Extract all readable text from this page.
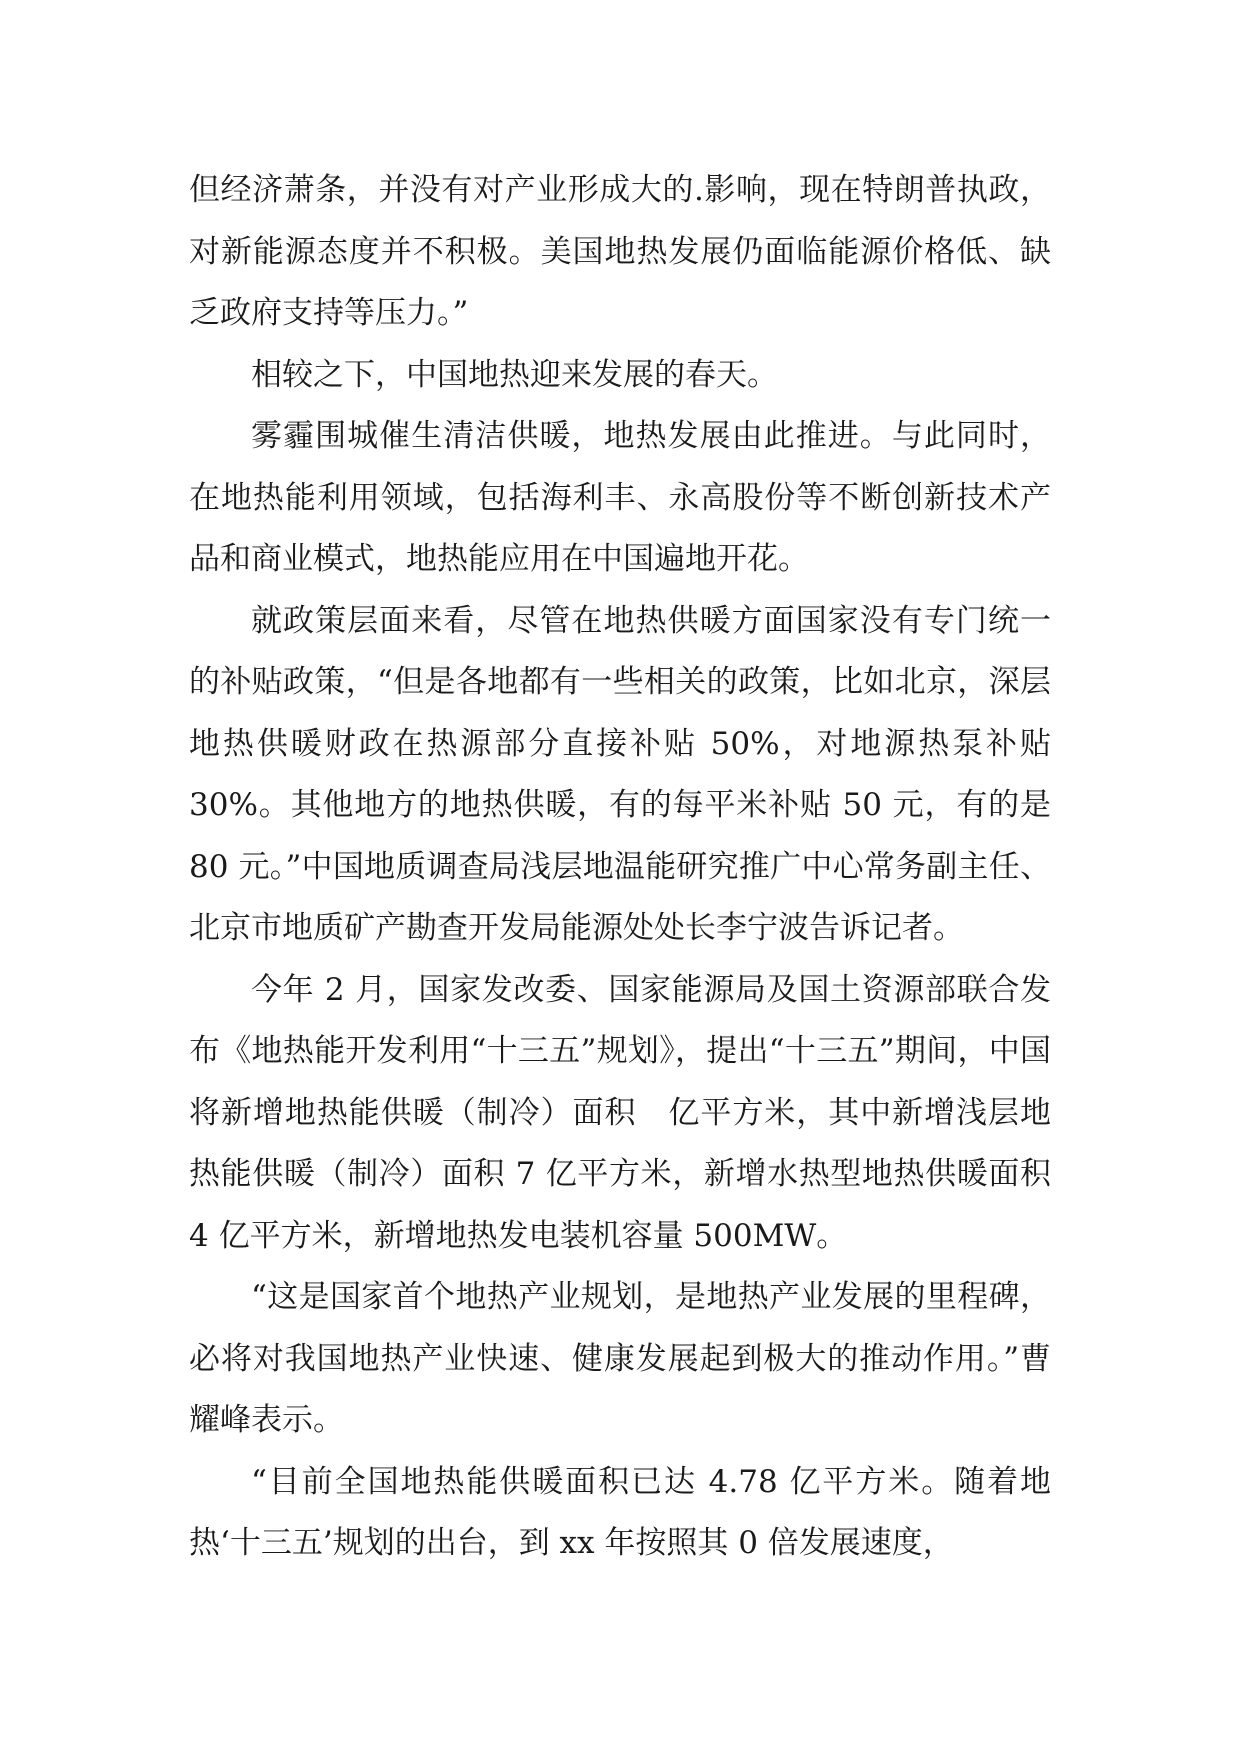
但经济萧条，并没有对产业形成大的.影响，现在特朗普执政，对新能源态度并不积极。美国地热发展仍面临能源价格低、缺乏政府支持等压力。”

相较之下，中国地热迎来发展的春天。

雾霾围城催生清洁供暖，地热发展由此推进。与此同时，在地热能利用领域，包括海利丰、永高股份等不断创新技术产品和商业模式，地热能应用在中国遍地开花。

就政策层面来看，尽管在地热供暖方面国家没有专门统一的补贴政策，“但是各地都有一些相关的政策，比如北京，深层地热供暖财政在热源部分直接补贴 50%，对地源热泵补贴 30%。其他地方的地热供暖，有的每平米补贴 50 元，有的是 80 元。”中国地质调查局浅层地温能研究推广中心常务副主任、北京市地质矿产勘查开发局能源处处长李宁波告诉记者。

今年 2 月，国家发改委、国家能源局及国土资源部联合发布《地热能开发利用“十三五”规划》，提出“十三五”期间，中国将新增地热能供暖（制冷）面积　亿平方米，其中新增浅层地热能供暖（制冷）面积 7 亿平方米，新增水热型地热供暖面积 4 亿平方米，新增地热发电装机容量 500MW。

“这是国家首个地热产业规划，是地热产业发展的里程碑，必将对我国地热产业快速、健康发展起到极大的推动作用。”曹耀峰表示。

“目前全国地热能供暖面积已达 4.78 亿平方米。随着地热‘十三五’规划的出台，到 xx 年按照其 0 倍发展速度，
